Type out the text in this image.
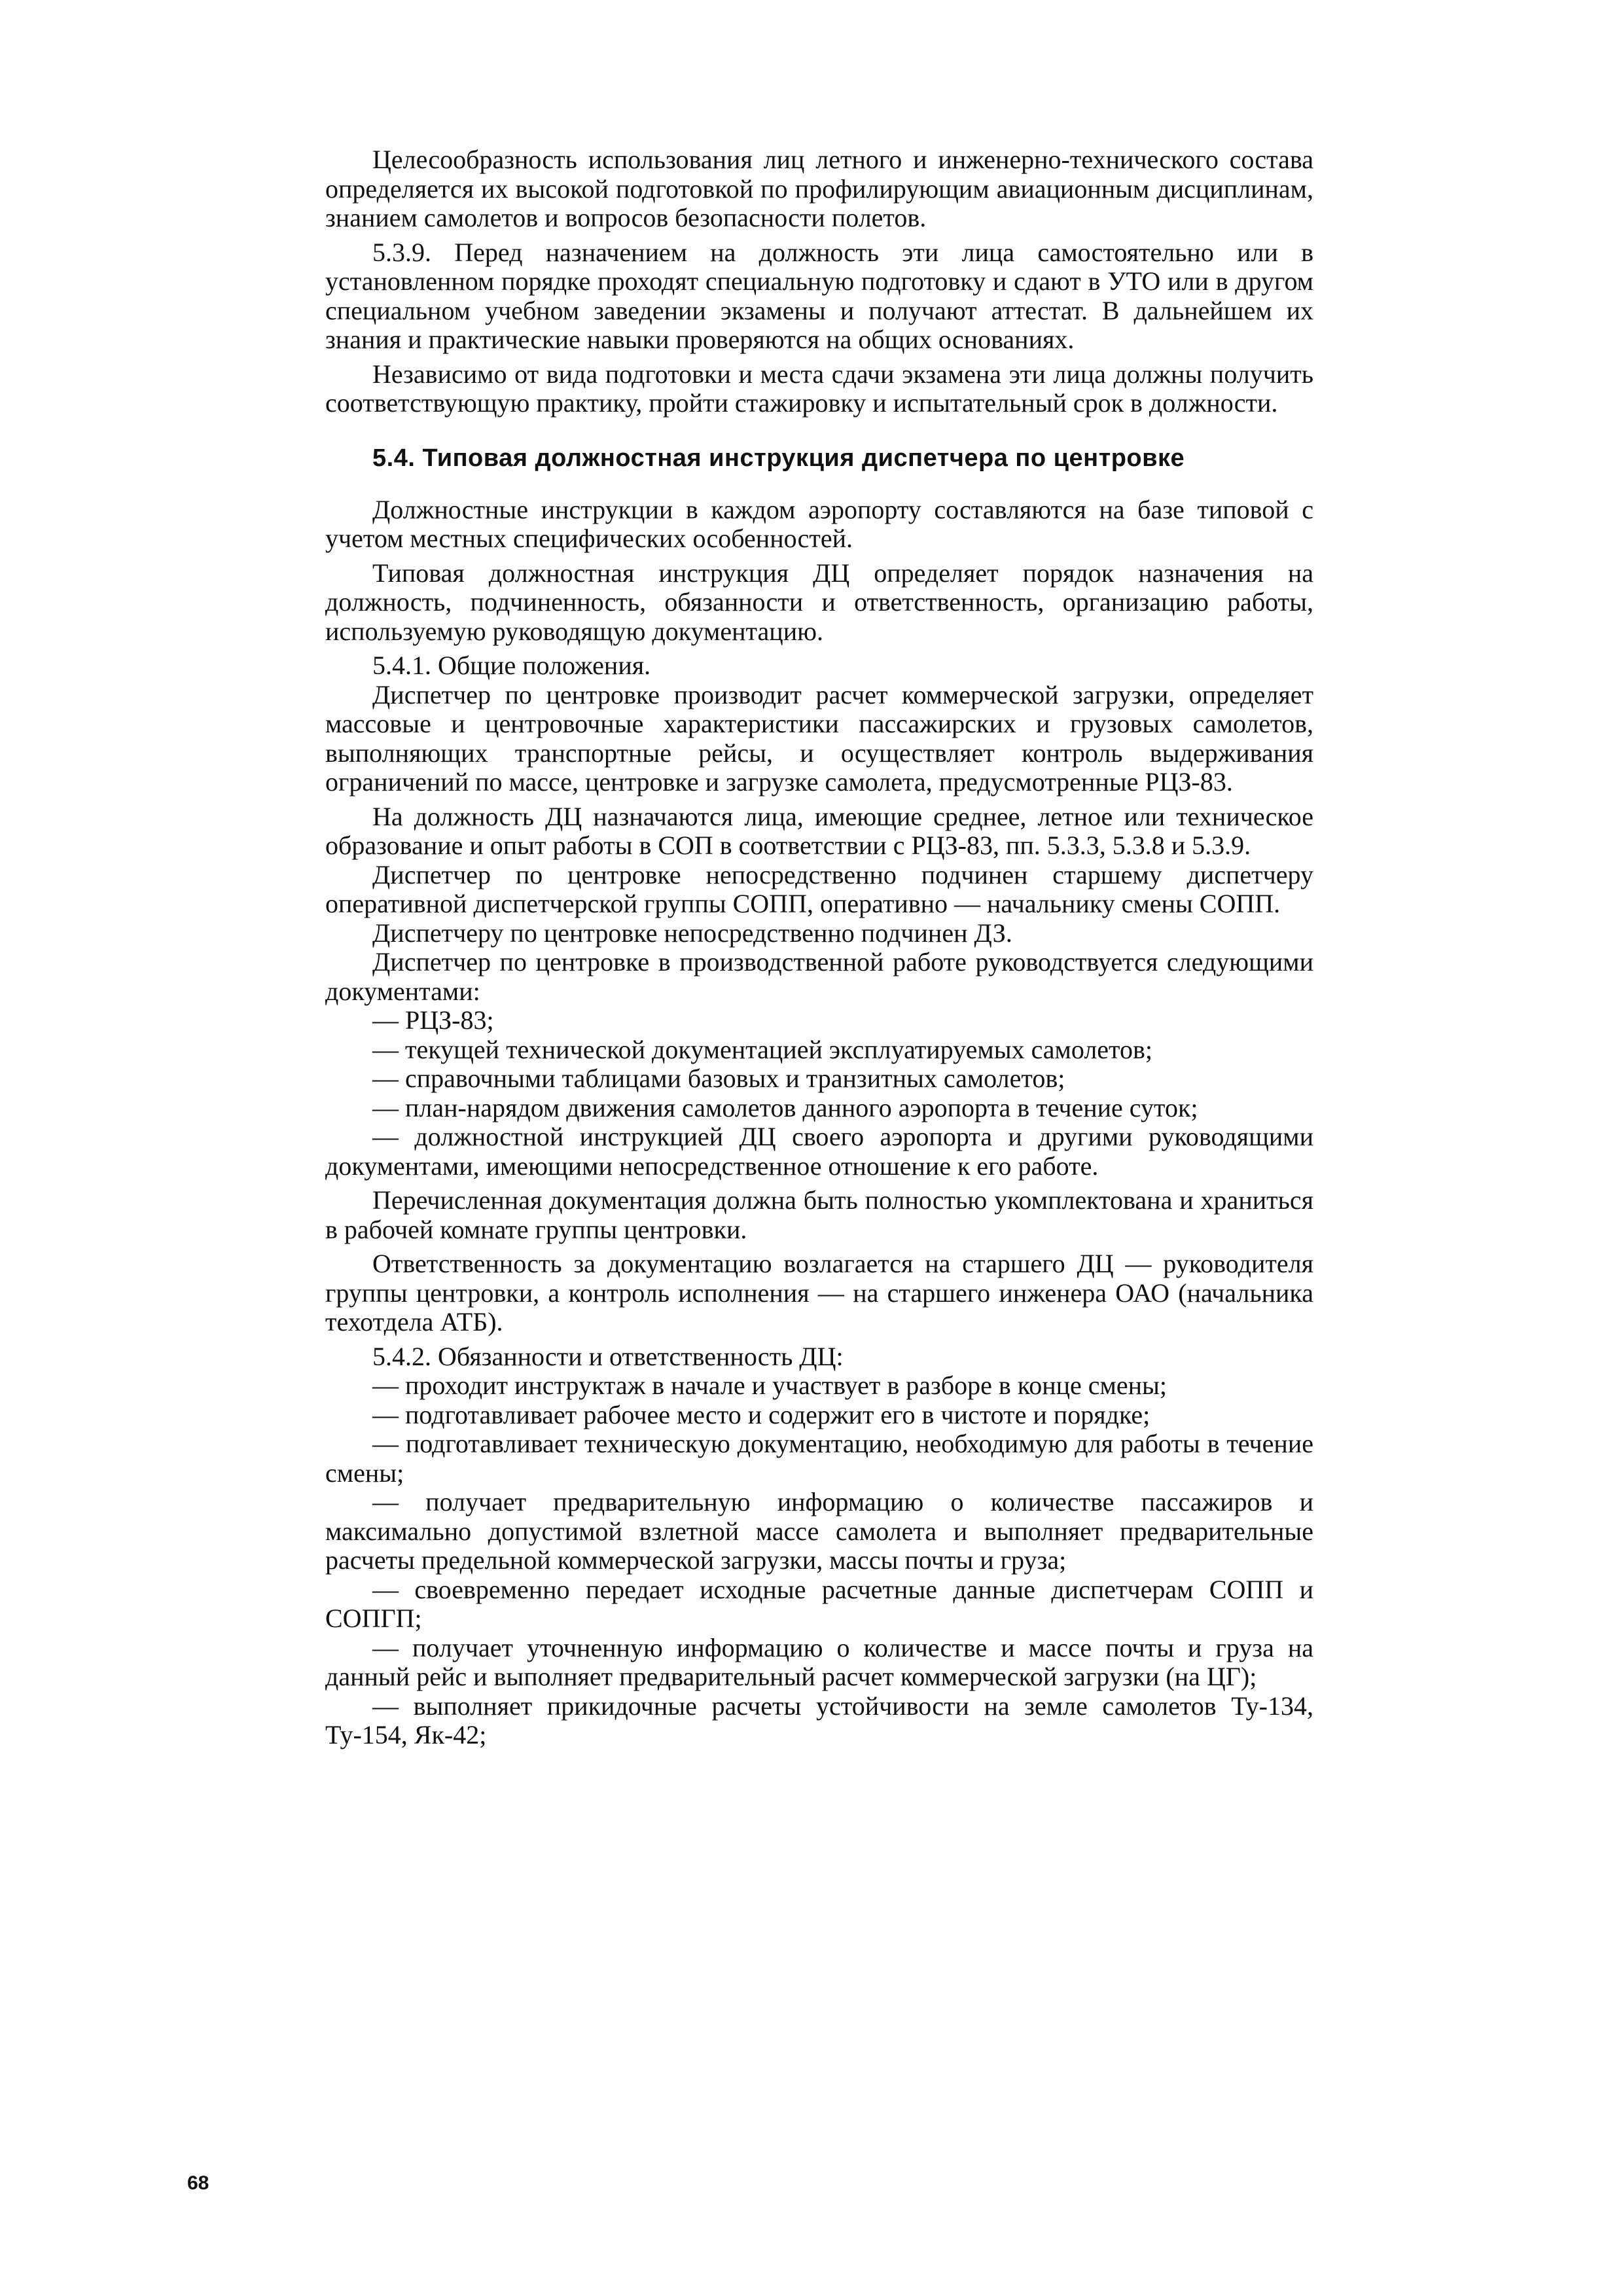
Целесообразность использования лиц летного и инженерно-технического состава определяется их высокой подготовкой по профилирующим авиационным дисциплинам, знанием самолетов и вопросов безопасности полетов.

5.3.9. Перед назначением на должность эти лица самостоятельно или в установленном порядке проходят специальную подготовку и сдают в УТО или в другом специальном учебном заведении экзамены и получают аттестат. В дальнейшем их знания и практические навыки проверяются на общих основаниях.

Независимо от вида подготовки и места сдачи экзамена эти лица должны получить соответствующую практику, пройти стажировку и испытательный срок в должности.

5.4. Типовая должностная инструкция диспетчера по центровке

Должностные инструкции в каждом аэропорту составляются на базе типовой с учетом местных специфических особенностей.

Типовая должностная инструкция ДЦ определяет порядок назначения на должность, подчиненность, обязанности и ответственность, организацию работы, используемую руководящую документацию.

5.4.1. Общие положения.

Диспетчер по центровке производит расчет коммерческой загрузки, определяет массовые и центровочные характеристики пассажирских и грузовых самолетов, выполняющих транспортные рейсы, и осуществляет контроль выдерживания ограничений по массе, центровке и загрузке самолета, предусмотренные РЦЗ-83.

На должность ДЦ назначаются лица, имеющие среднее, летное или техническое образование и опыт работы в СОП в соответствии с РЦЗ-83, пп. 5.3.3, 5.3.8 и 5.3.9.

Диспетчер по центровке непосредственно подчинен старшему диспетчеру оперативной диспетчерской группы СОПП, оперативно — начальнику смены СОПП.

Диспетчеру по центровке непосредственно подчинен ДЗ.

Диспетчер по центровке в производственной работе руководствуется следующими документами:

— РЦЗ-83;

— текущей технической документацией эксплуатируемых самолетов;

— справочными таблицами базовых и транзитных самолетов;

— план-нарядом движения самолетов данного аэропорта в течение суток;

— должностной инструкцией ДЦ своего аэропорта и другими руководящими документами, имеющими непосредственное отношение к его работе.

Перечисленная документация должна быть полностью укомплектована и храниться в рабочей комнате группы центровки.

Ответственность за документацию возлагается на старшего ДЦ — руководителя группы центровки, а контроль исполнения — на старшего инженера ОАО (начальника техотдела АТБ).

5.4.2. Обязанности и ответственность ДЦ:

— проходит инструктаж в начале и участвует в разборе в конце смены;

— подготавливает рабочее место и содержит его в чистоте и порядке;

— подготавливает техническую документацию, необходимую для работы в течение смены;

— получает предварительную информацию о количестве пассажиров и максимально допустимой взлетной массе самолета и выполняет предварительные расчеты предельной коммерческой загрузки, массы почты и груза;

— своевременно передает исходные расчетные данные диспетчерам СОПП и СОПГП;

— получает уточненную информацию о количестве и массе почты и груза на данный рейс и выполняет предварительный расчет коммерческой загрузки (на ЦГ);

— выполняет прикидочные расчеты устойчивости на земле самолетов Ту-134, Ту-154, Як-42;

68
